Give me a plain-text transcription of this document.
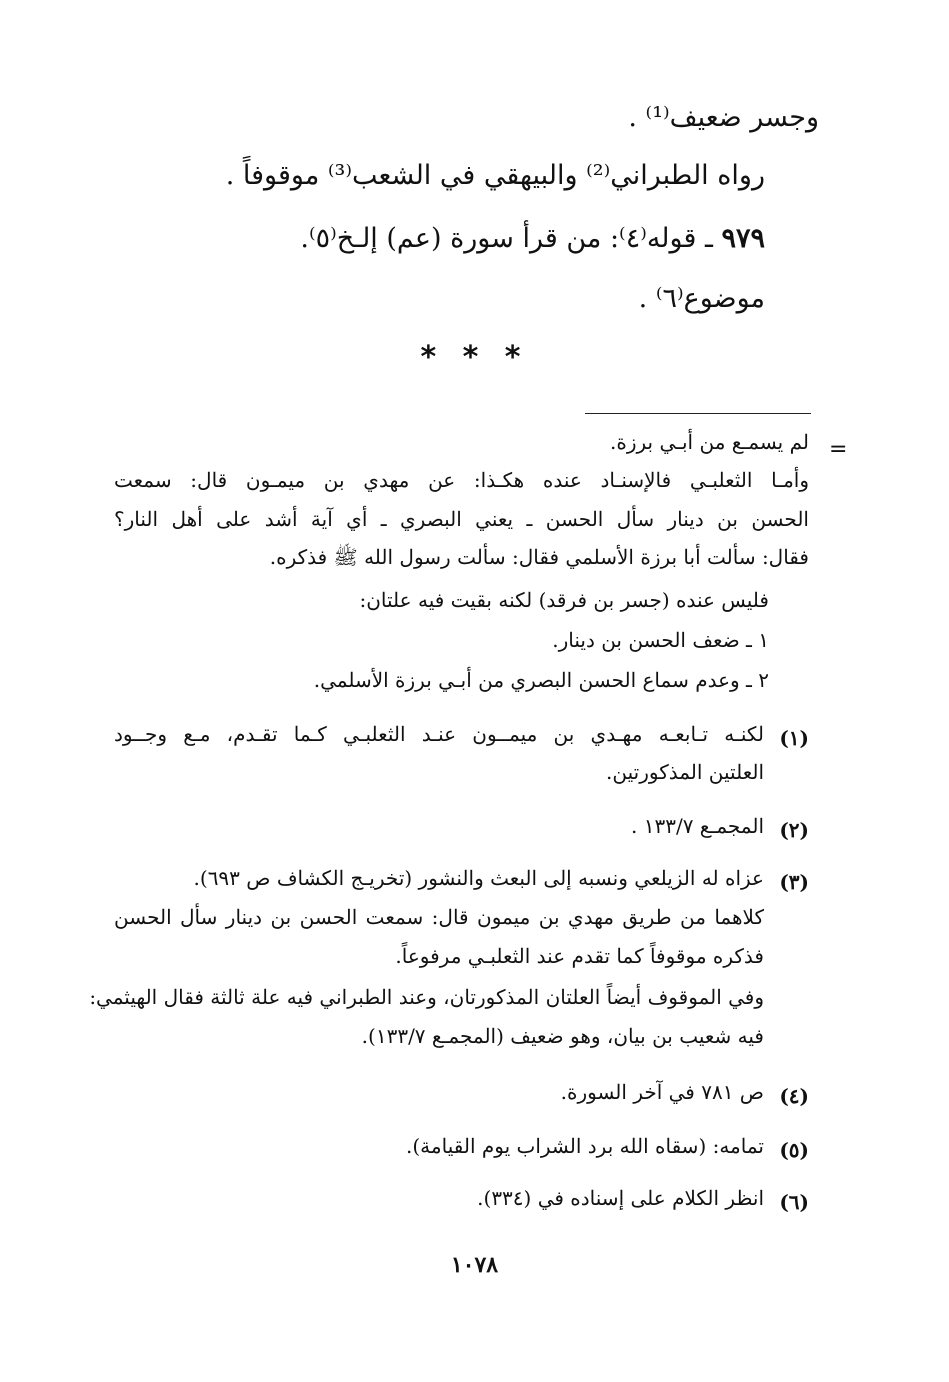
وجسر ضعيف⁽¹⁾ .
رواه الطبراني⁽²⁾ والبيهقي في الشعب⁽³⁾ موقوفاً .
٩٧٩ ـ قوله⁽٤⁾: من قرأ سورة (عم) إلـخ⁽٥⁾.
موضوع⁽٦⁾ .
* * *
=
لم يسمـع من أبـي برزة.
وأمـا الثعلبـي فالإسنـاد عنده هكـذا: عن مهدي بن ميمـون قال: سمعت
الحسن بن دينار سأل الحسن ـ يعني البصري ـ أي آية أشد على أهل النار؟
فقال: سألت أبا برزة الأسلمي فقال: سألت رسول الله ﷺ فذكره.
فليس عنده (جسر بن فرقد) لكنه بقيت فيه علتان:
١ ـ ضعف الحسن بن دينار.
٢ ـ وعدم سماع الحسن البصري من أبـي برزة الأسلمي.
(١)
لكنـه تـابعـه مهـدي بن ميمــون عنـد الثعلبـي كـما تقـدم، مـع وجــود
العلتين المذكورتين.
(٢)
المجمـع ١٣٣/٧ .
(٣)
عزاه له الزيلعي ونسبه إلى البعث والنشور (تخريـج الكشاف ص ٦٩٣).
كلاهما من طريق مهدي بن ميمون قال: سمعت الحسن بن دينار سأل الحسن
فذكره موقوفاً كما تقدم عند الثعلبـي مرفوعاً.
وفي الموقوف أيضاً العلتان المذكورتان، وعند الطبراني فيه علة ثالثة فقال الهيثمي:
فيه شعيب بن بيان، وهو ضعيف (المجمـع ١٣٣/٧).
(٤)
ص ٧٨١ في آخر السورة.
(٥)
تمامه: (سقاه الله برد الشراب يوم القيامة).
(٦)
انظر الكلام على إسناده في (٣٣٤).
١٠٧٨
